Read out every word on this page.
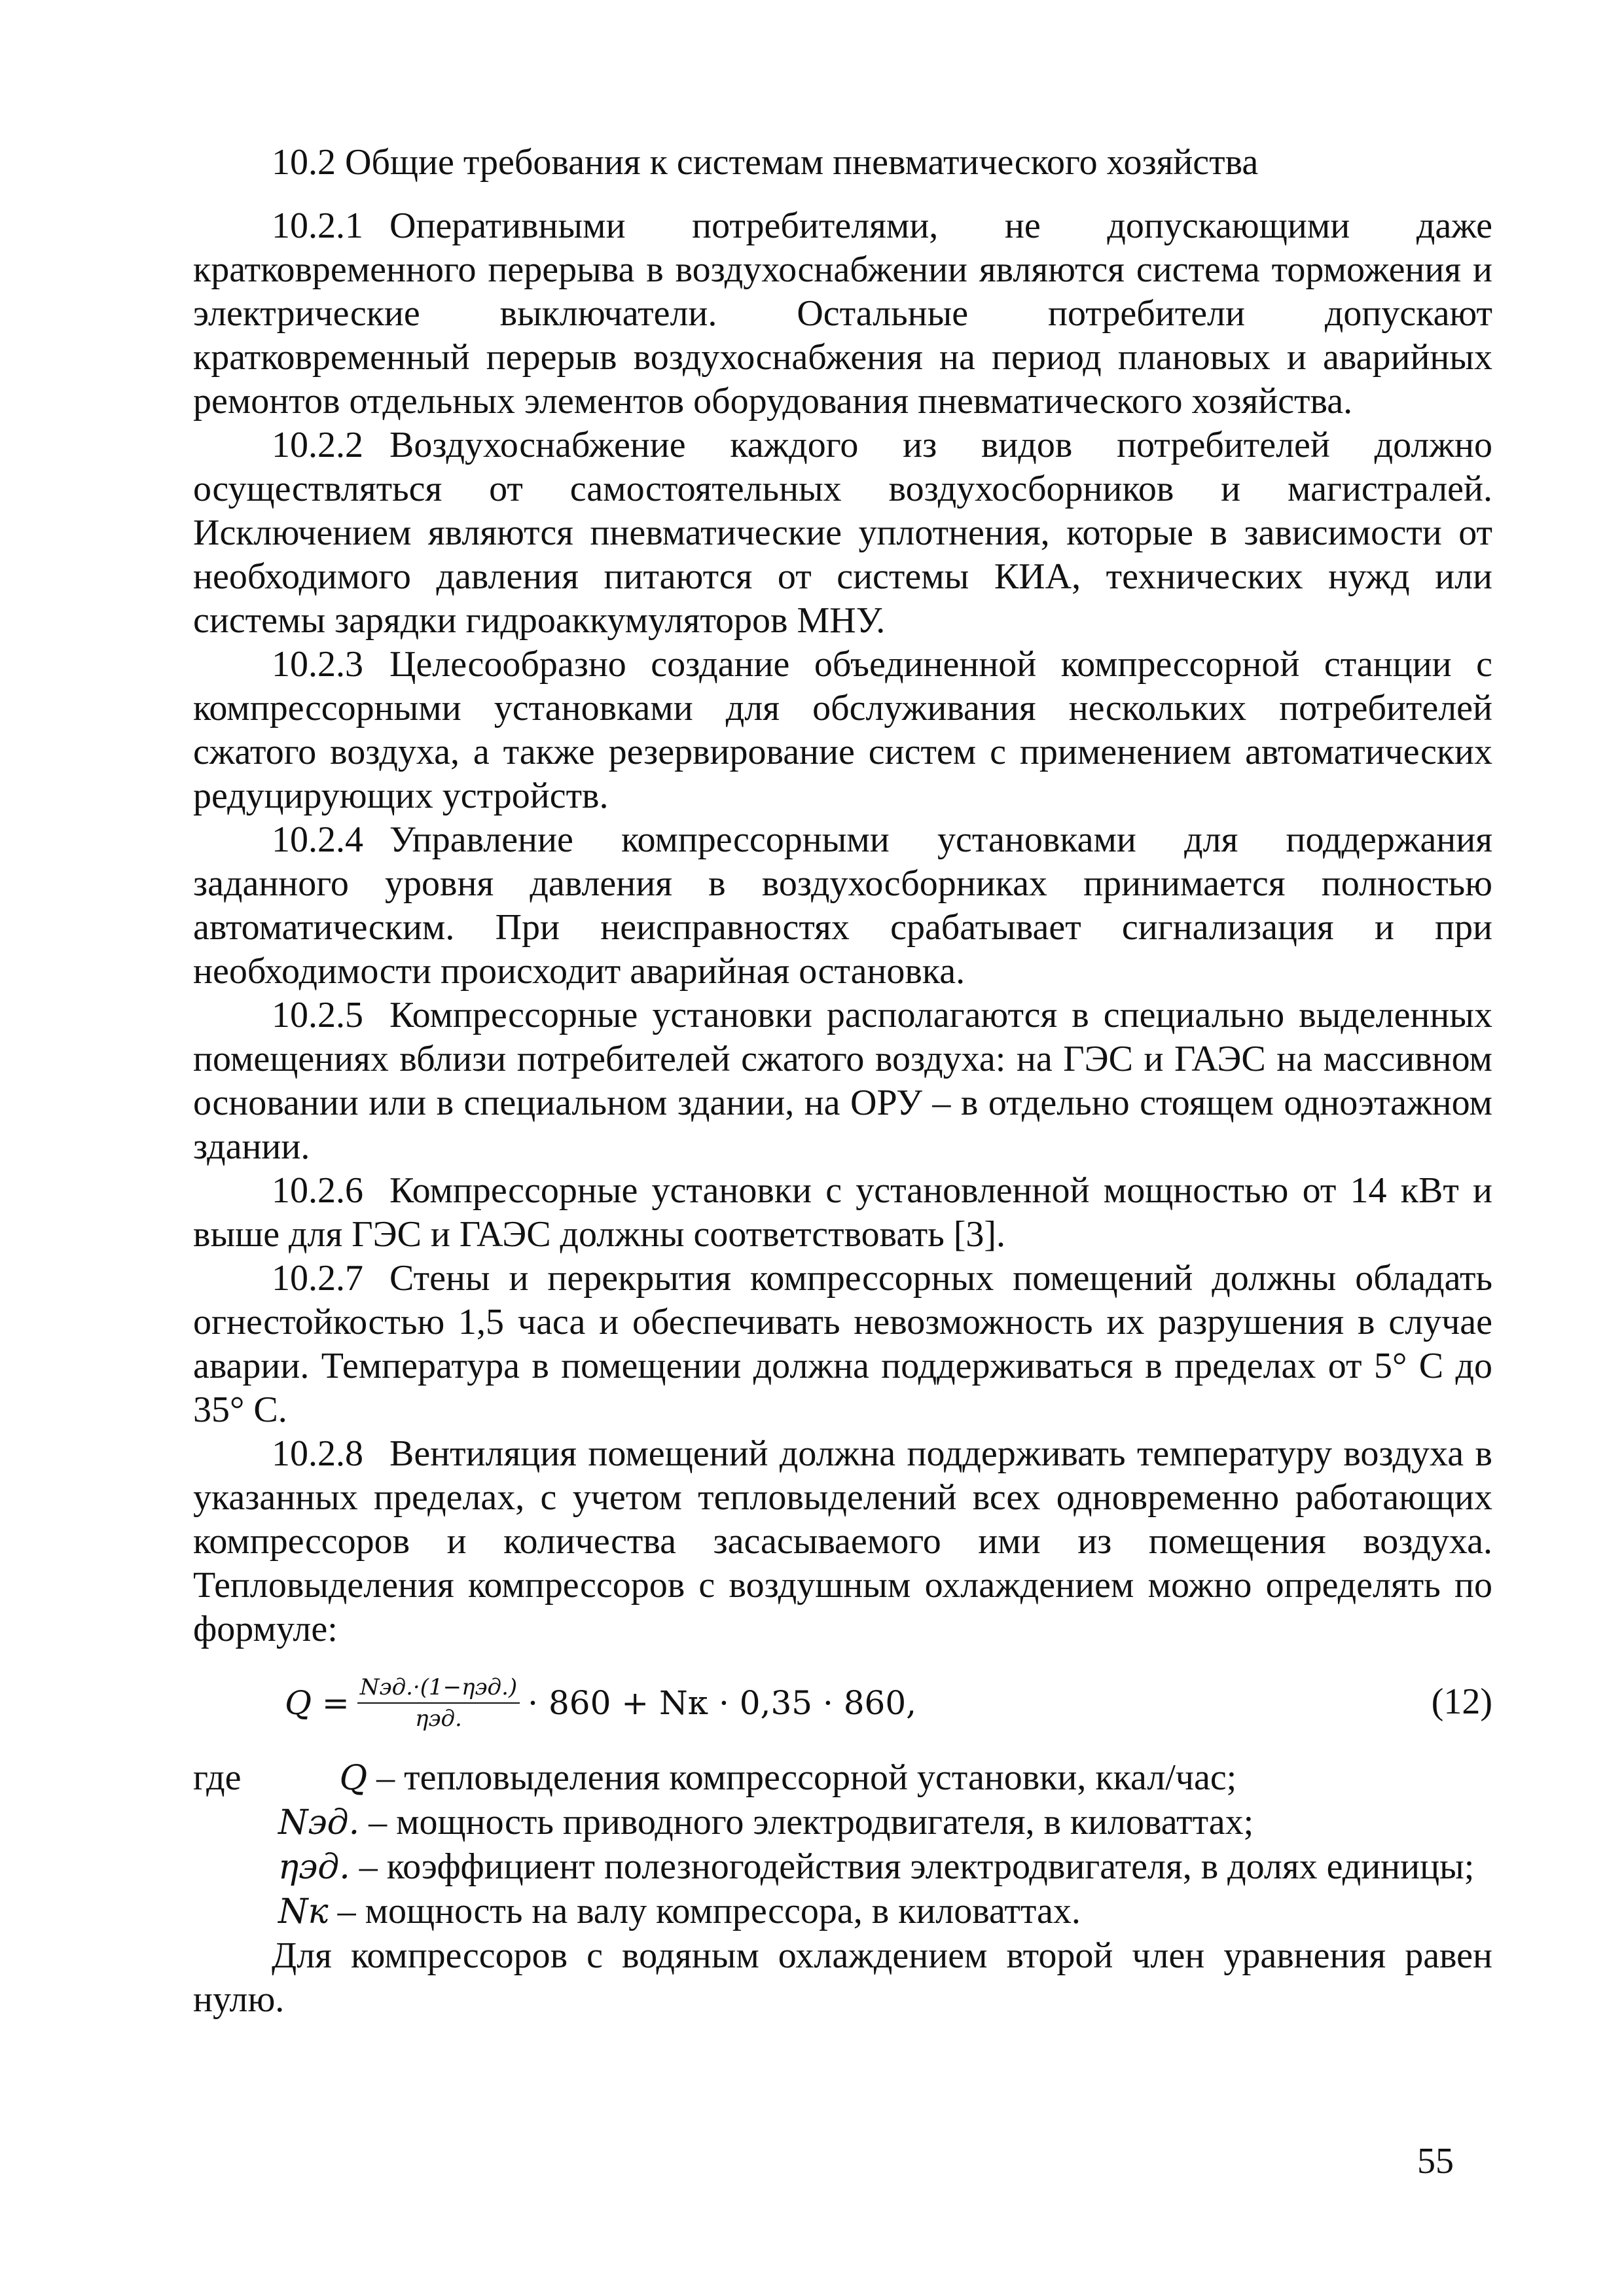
10.2 Общие требования к системам пневматического хозяйства

10.2.1 Оперативными потребителями, не допускающими даже кратковременного перерыва в воздухоснабжении являются система торможения и электрические выключатели. Остальные потребители допускают кратковременный перерыв воздухоснабжения на период плановых и аварийных ремонтов отдельных элементов оборудования пневматического хозяйства.

10.2.2 Воздухоснабжение каждого из видов потребителей должно осуществляться от самостоятельных воздухосборников и магистралей. Исключением являются пневматические уплотнения, которые в зависимости от необходимого давления питаются от системы КИА, технических нужд или системы зарядки гидроаккумуляторов МНУ.

10.2.3 Целесообразно создание объединенной компрессорной станции с компрессорными установками для обслуживания нескольких потребителей сжатого воздуха, а также резервирование систем с применением автоматических редуцирующих устройств.

10.2.4 Управление компрессорными установками для поддержания заданного уровня давления в воздухосборниках принимается полностью автоматическим. При неисправностях срабатывает сигнализация и при необходимости происходит аварийная остановка.

10.2.5 Компрессорные установки располагаются в специально выделенных помещениях вблизи потребителей сжатого воздуха: на ГЭС и ГАЭС на массивном основании или в специальном здании, на ОРУ – в отдельно стоящем одноэтажном здании.

10.2.6 Компрессорные установки с установленной мощностью от 14 кВт и выше для ГЭС и ГАЭС должны соответствовать [3].

10.2.7 Стены и перекрытия компрессорных помещений должны обладать огнестойкостью 1,5 часа и обеспечивать невозможность их разрушения в случае аварии. Температура в помещении должна поддерживаться в пределах от 5° С до 35° С.

10.2.8 Вентиляция помещений должна поддерживать температуру воздуха в указанных пределах, с учетом тепловыделений всех одновременно работающих компрессоров и количества засасываемого ими из помещения воздуха. Тепловыделения компрессоров с воздушным охлаждением можно определять по формуле:

$Q = \frac{\text{Nэд.·(1−ηэд.)}}{\text{ηэд.}} \cdot 860$ + Nк · 0,35 · 860,	(12)
где	Q – тепловыделения компрессорной установки, ккал/час;
Nэд. – мощность приводного электродвигателя, в киловаттах;
ηэд. – коэффициент полезногодействия электродвигателя, в долях единицы;
Nк – мощность на валу компрессора, в киловаттах.

Для компрессоров с водяным охлаждением второй член уравнения равен нулю.

55
